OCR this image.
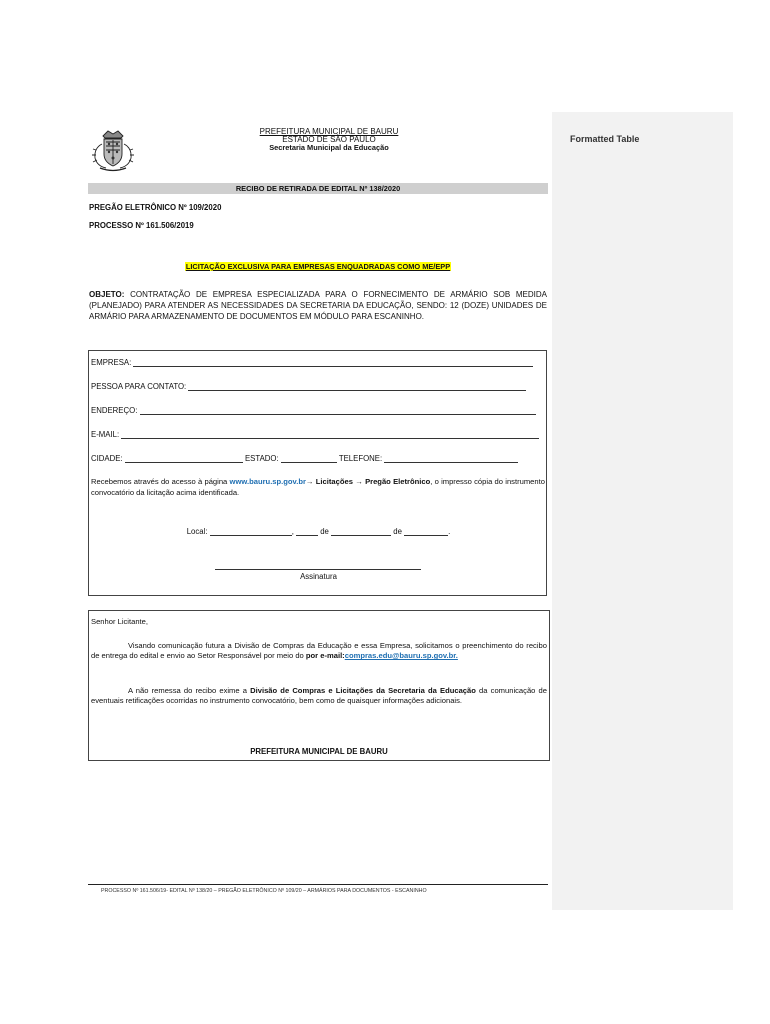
PREFEITURA MUNICIPAL DE BAURU
ESTADO DE SÃO PAULO
Secretaria Municipal da Educação
RECIBO DE RETIRADA DE EDITAL Nº 138/2020
PREGÃO ELETRÔNICO Nº 109/2020
PROCESSO Nº 161.506/2019
LICITAÇÃO EXCLUSIVA PARA EMPRESAS ENQUADRADAS COMO ME/EPP
OBJETO: CONTRATAÇÃO DE EMPRESA ESPECIALIZADA PARA O FORNECIMENTO DE ARMÁRIO SOB MEDIDA (PLANEJADO) PARA ATENDER AS NECESSIDADES DA SECRETARIA DA EDUCAÇÃO, SENDO: 12 (DOZE) UNIDADES DE ARMÁRIO PARA ARMAZENAMENTO DE DOCUMENTOS EM MÓDULO PARA ESCANINHO.
EMPRESA:
PESSOA PARA CONTATO:
ENDEREÇO:
E-MAIL:
CIDADE:	ESTADO:	TELEFONE:
Recebemos através do acesso à página www.bauru.sp.gov.br→ Licitações → Pregão Eletrônico, o impresso cópia do instrumento convocatório da licitação acima identificada.
Local:	,	de	de	.
Assinatura
Senhor Licitante,
Visando comunicação futura a Divisão de Compras da Educação e essa Empresa, solicitamos o preenchimento do recibo de entrega do edital e envio ao Setor Responsável por meio do por e-mail:compras.edu@bauru.sp.gov.br.
A não remessa do recibo exime a Divisão de Compras e Licitações da Secretaria da Educação da comunicação de eventuais retificações ocorridas no instrumento convocatório, bem como de quaisquer informações adicionais.
PREFEITURA MUNICIPAL DE BAURU
PROCESSO Nº 161.506/19- EDITAL Nº 138/20 – PREGÃO ELETRÔNICO Nº 109/20 – ARMÁRIOS PARA DOCUMENTOS - ESCANINHO
Formatted Table
